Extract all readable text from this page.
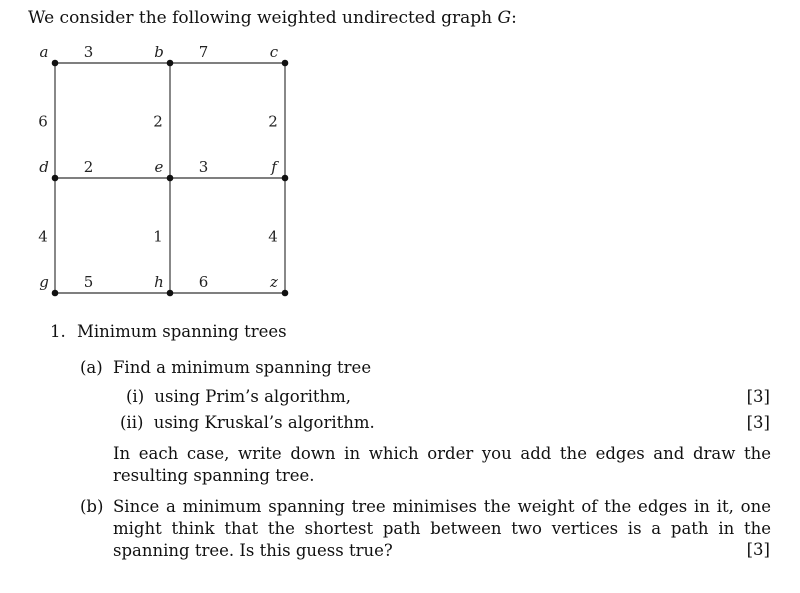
We consider the following weighted undirected graph G:
3	7
6	2	2
2	3
4	1	4
5	6
a	b	c
d	e	f
g	h	z
1. Minimum spanning trees
(a) Find a minimum spanning tree
(i) using Prim’s algorithm,	[3]
(ii) using Kruskal’s algorithm.	[3]
In each case, write down in which order you add the edges and draw the resulting spanning tree.
(b) Since a minimum spanning tree minimises the weight of the edges in it, one might think that the shortest path between two vertices is a path in the spanning tree. Is this guess true?	[3]
